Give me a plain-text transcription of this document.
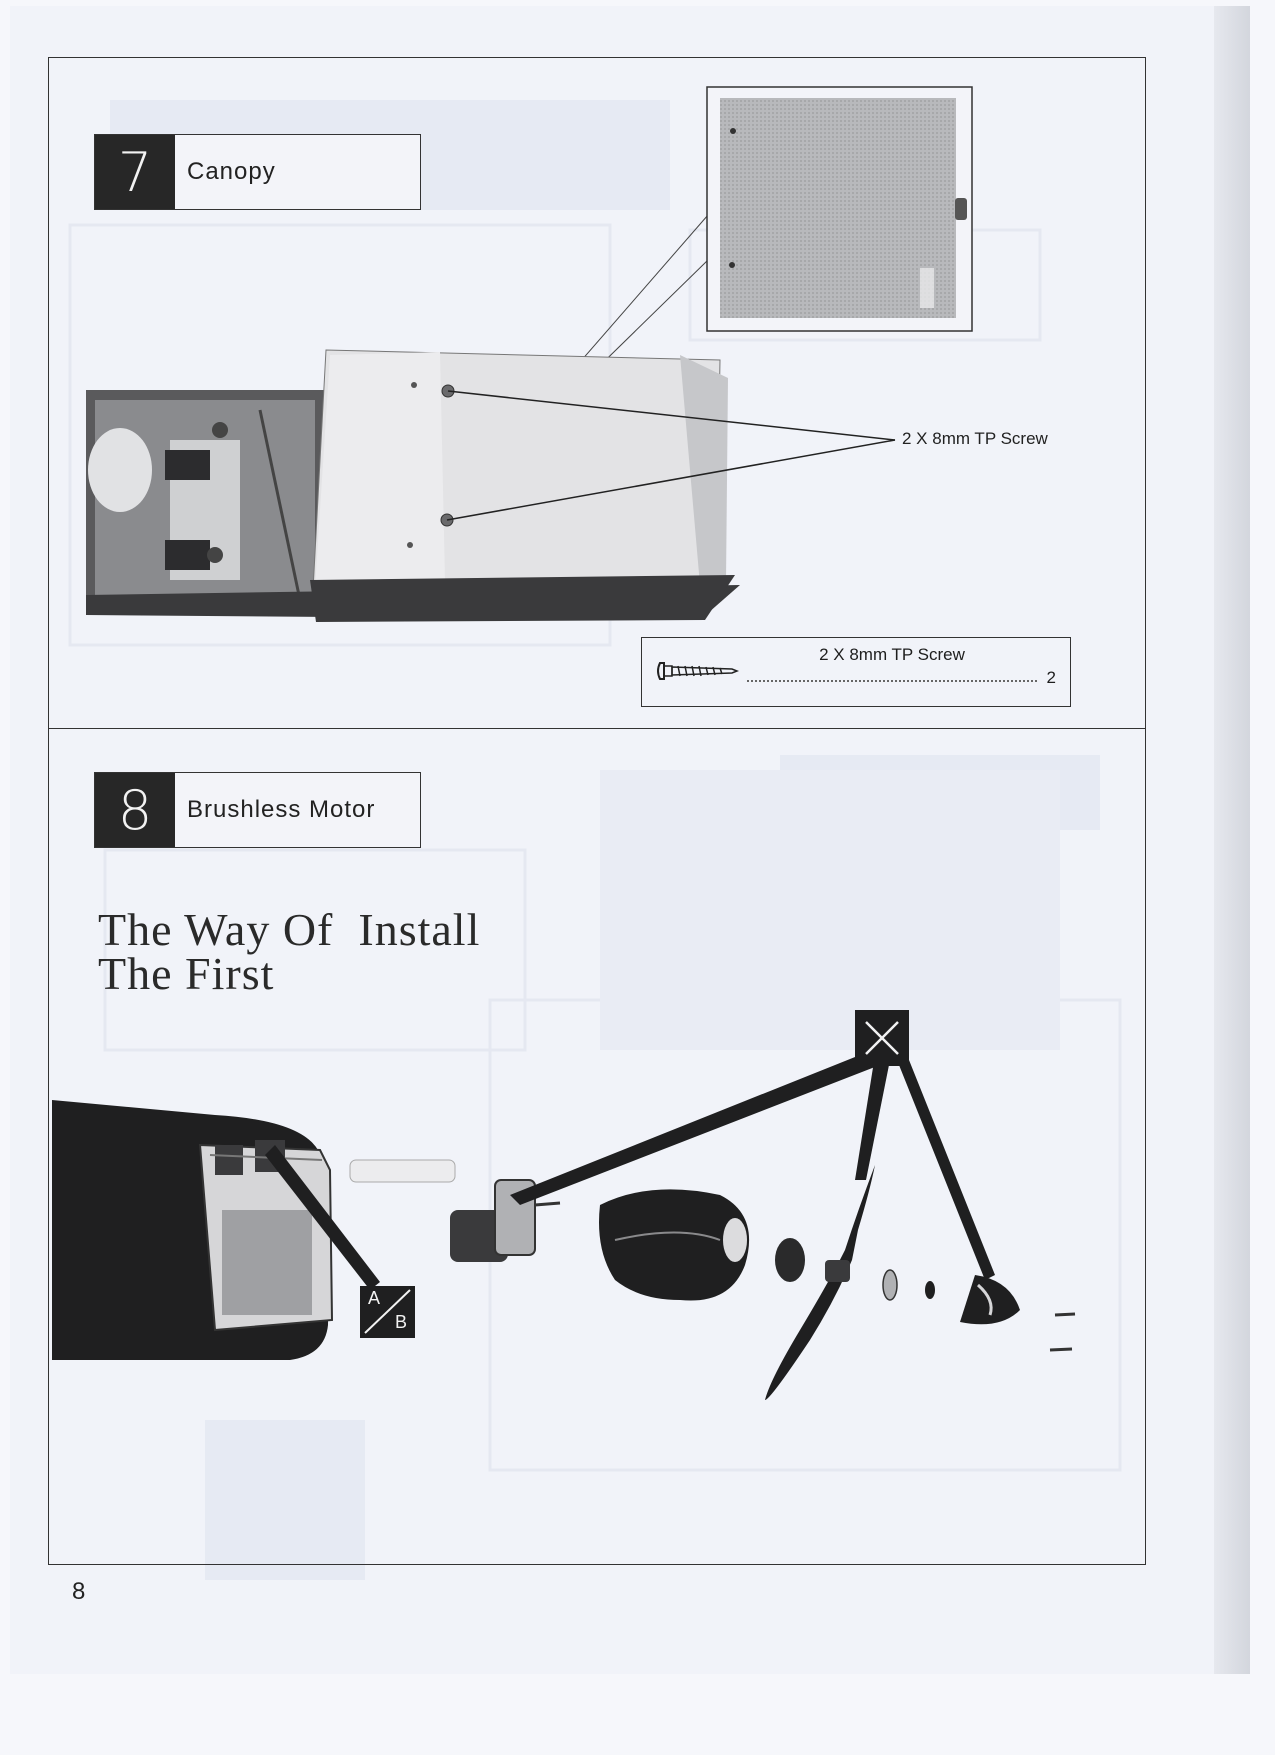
7	Canopy
2 X 8mm TP Screw
2 X 8mm TP Screw
2
8	Brushless Motor
The Way Of  Install
The First
A
B
8
